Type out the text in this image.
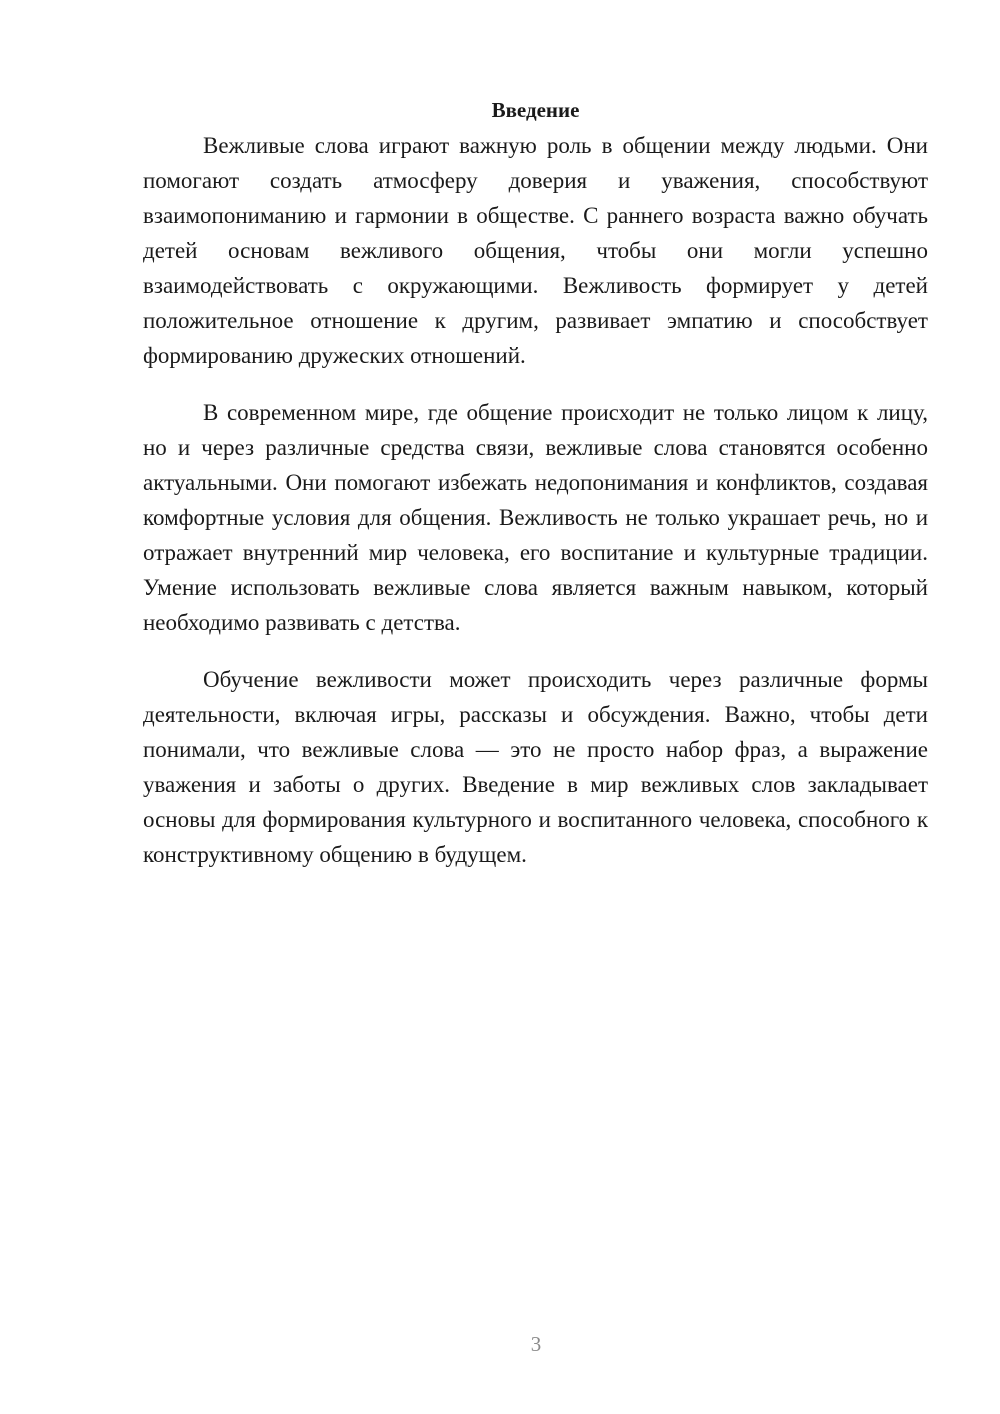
Введение

Вежливые слова играют важную роль в общении между людьми. Они помогают создать атмосферу доверия и уважения, способствуют взаимопониманию и гармонии в обществе. С раннего возраста важно обучать детей основам вежливого общения, чтобы они могли успешно взаимодействовать с окружающими. Вежливость формирует у детей положительное отношение к другим, развивает эмпатию и способствует формированию дружеских отношений.

В современном мире, где общение происходит не только лицом к лицу, но и через различные средства связи, вежливые слова становятся особенно актуальными. Они помогают избежать недопонимания и конфликтов, создавая комфортные условия для общения. Вежливость не только украшает речь, но и отражает внутренний мир человека, его воспитание и культурные традиции. Умение использовать вежливые слова является важным навыком, который необходимо развивать с детства.

Обучение вежливости может происходить через различные формы деятельности, включая игры, рассказы и обсуждения. Важно, чтобы дети понимали, что вежливые слова — это не просто набор фраз, а выражение уважения и заботы о других. Введение в мир вежливых слов закладывает основы для формирования культурного и воспитанного человека, способного к конструктивному общению в будущем.

3
